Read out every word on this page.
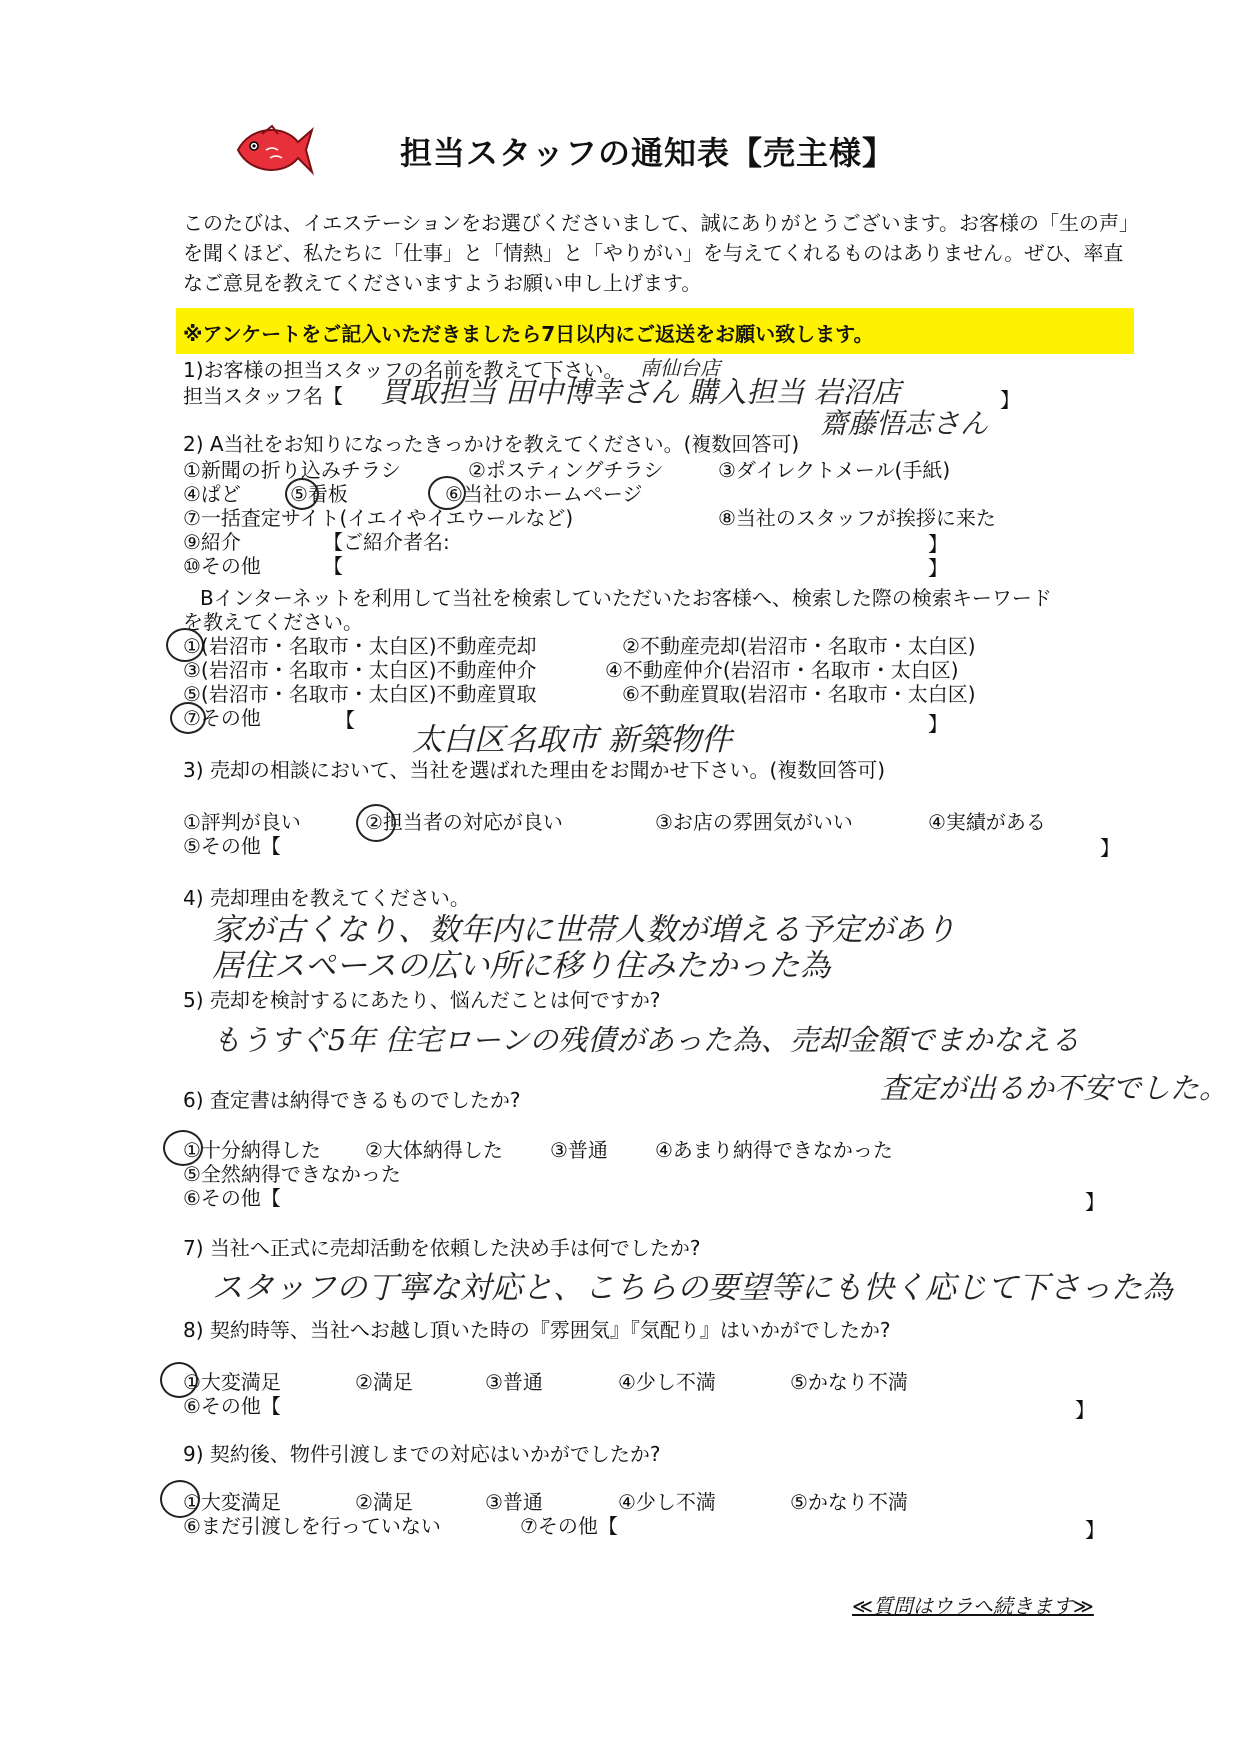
担当スタッフの通知表【売主様】
このたびは、イエステーションをお選びくださいまして、誠にありがとうございます。お客様の「生の声」を聞くほど、私たちに「仕事」と「情熱」と「やりがい」を与えてくれるものはありません。ぜひ、率直なご意見を教えてくださいますようお願い申し上げます。
※アンケートをご記入いただきましたら7日以内にご返送をお願い致します。
1)お客様の担当スタッフの名前を教えて下さい。
担当スタッフ名【
南仙台店
買取担当 田中博幸さん 購入担当 岩沼店
齋藤悟志さん
】
2) A当社をお知りになったきっかけを教えてください。(複数回答可)
①新聞の折り込みチラシ	②ポスティングチラシ	③ダイレクトメール(手紙)
④ぱど ⑤看板	⑥当社のホームページ
⑦一括査定サイト(イエイやイエウールなど)	⑧当社のスタッフが挨拶に来た
⑨紹介	【ご紹介者名:	】
⑩その他	【	】
Bインターネットを利用して当社を検索していただいたお客様へ、検索した際の検索キーワード
を教えてください。
①(岩沼市・名取市・太白区)不動産売却	②不動産売却(岩沼市・名取市・太白区)
③(岩沼市・名取市・太白区)不動産仲介	④不動産仲介(岩沼市・名取市・太白区)
⑤(岩沼市・名取市・太白区)不動産買取	⑥不動産買取(岩沼市・名取市・太白区)
⑦その他	【
太白区名取市 新築物件	】
3) 売却の相談において、当社を選ばれた理由をお聞かせ下さい。(複数回答可)
①評判が良い	②担当者の対応が良い	③お店の雰囲気がいい	④実績がある
⑤その他【	】
4) 売却理由を教えてください。
家が古くなり、数年内に世帯人数が増える予定があり
居住スペースの広い所に移り住みたかった為
5) 売却を検討するにあたり、悩んだことは何ですか?
もうすぐ5年 住宅ローンの残債があった為、売却金額でまかなえる
査定が出るか不安でした。
6) 査定書は納得できるものでしたか?
①十分納得した ②大体納得した ③普通 ④あまり納得できなかった
⑤全然納得できなかった
⑥その他【	】
7) 当社へ正式に売却活動を依頼した決め手は何でしたか?
スタッフの丁寧な対応と、こちらの要望等にも快く応じて下さった為
8) 契約時等、当社へお越し頂いた時の『雰囲気』『気配り』はいかがでしたか?
①大変満足	②満足	③普通	④少し不満	⑤かなり不満
⑥その他【	】
9) 契約後、物件引渡しまでの対応はいかがでしたか?
①大変満足	②満足	③普通	④少し不満	⑤かなり不満
⑥まだ引渡しを行っていない	⑦その他【	】
≪質問はウラへ続きます≫
